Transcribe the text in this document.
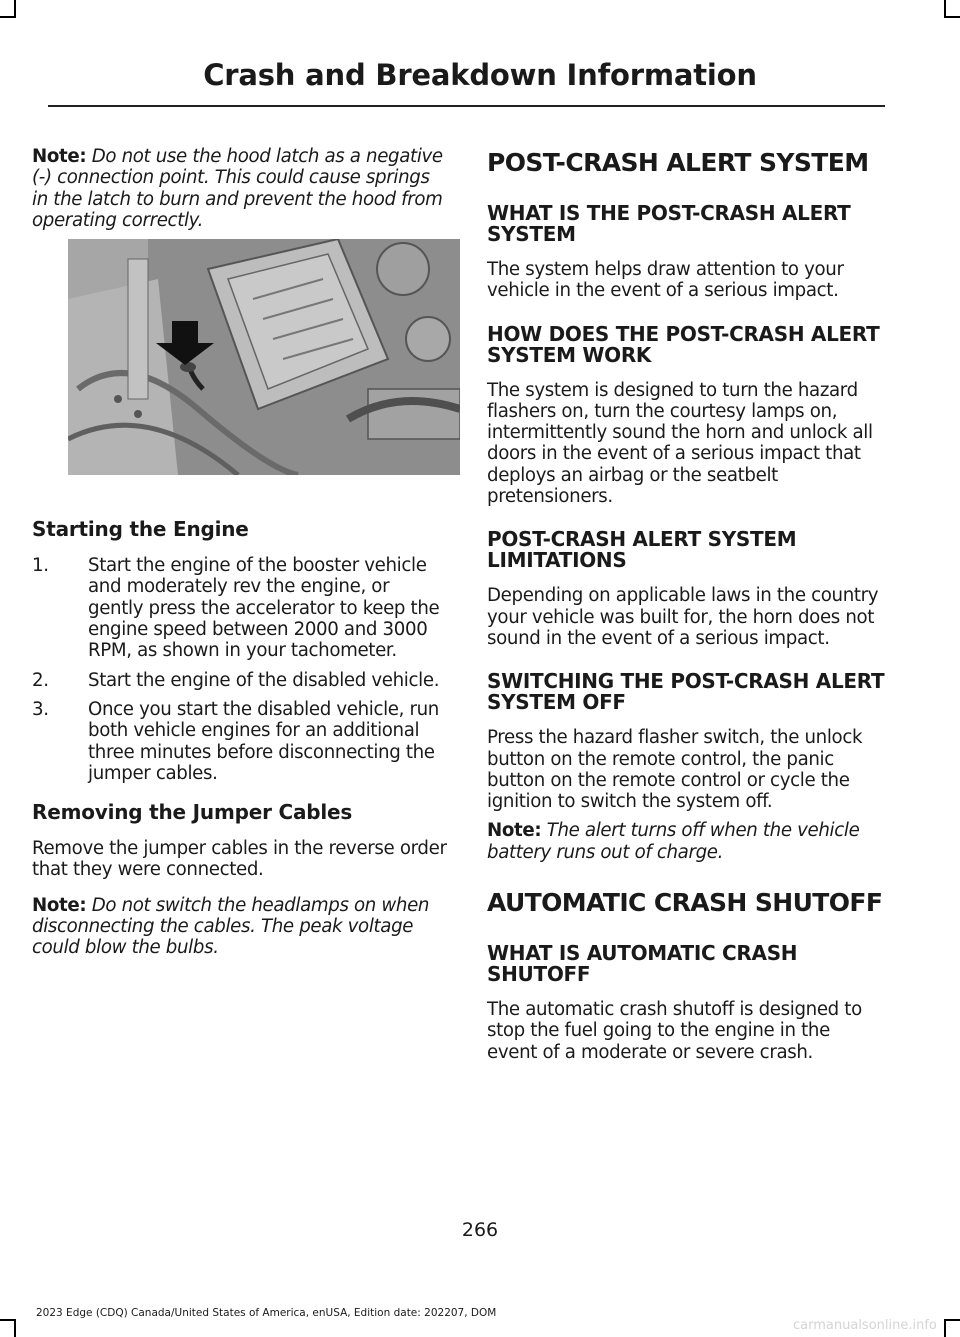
Crash and Breakdown Information

Note: Do not use the hood latch as a negative (-) connection point. This could cause springs in the latch to burn and prevent the hood from operating correctly.

Starting the Engine
1.	Start the engine of the booster vehicle and moderately rev the engine, or gently press the accelerator to keep the engine speed between 2000 and 3000 RPM, as shown in your tachometer.
2.	Start the engine of the disabled vehicle.
3.	Once you start the disabled vehicle, run both vehicle engines for an additional three minutes before disconnecting the jumper cables.
Removing the Jumper Cables

Remove the jumper cables in the reverse order that they were connected.

Note: Do not switch the headlamps on when disconnecting the cables. The peak voltage could blow the bulbs.

POST-CRASH ALERT SYSTEM
WHAT IS THE POST-CRASH ALERT SYSTEM

The system helps draw attention to your vehicle in the event of a serious impact.

HOW DOES THE POST-CRASH ALERT SYSTEM WORK

The system is designed to turn the hazard flashers on, turn the courtesy lamps on, intermittently sound the horn and unlock all doors in the event of a serious impact that deploys an airbag or the seatbelt pretensioners.

POST-CRASH ALERT SYSTEM LIMITATIONS

Depending on applicable laws in the country your vehicle was built for, the horn does not sound in the event of a serious impact.

SWITCHING THE POST-CRASH ALERT SYSTEM OFF

Press the hazard flasher switch, the unlock button on the remote control, the panic button on the remote control or cycle the ignition to switch the system off.

Note: The alert turns off when the vehicle battery runs out of charge.

AUTOMATIC CRASH SHUTOFF
WHAT IS AUTOMATIC CRASH SHUTOFF

The automatic crash shutoff is designed to stop the fuel going to the engine in the event of a moderate or severe crash.

266
2023 Edge (CDQ) Canada/United States of America, enUSA, Edition date: 202207, DOM
carmanualsonline.info
